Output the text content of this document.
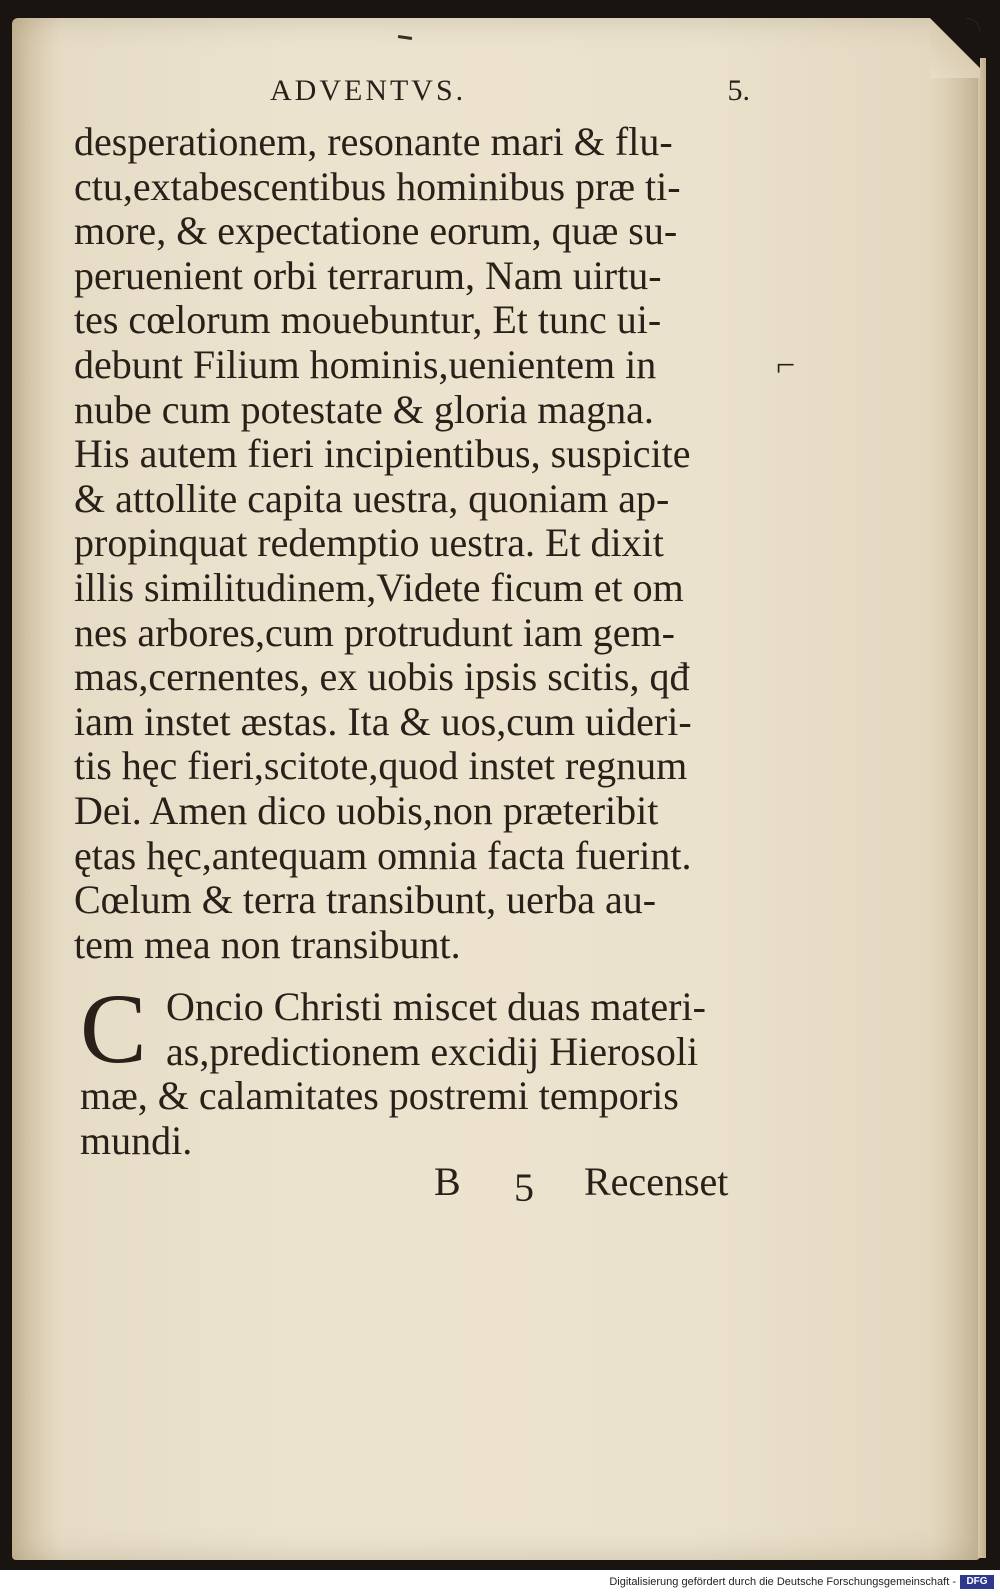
ADVENTVS.	5.
desperationem, resonante mari & flu-
ctu,extabescentibus hominibus præ ti-
more, & expectatione eorum, quæ su-
peruenient orbi terrarum, Nam uirtu-
tes cœlorum mouebuntur, Et tunc ui-
debunt Filium hominis,uenientem in
nube cum potestate & gloria magna.
His autem fieri incipientibus, suspicite
& attollite capita uestra, quoniam ap-
propinquat redemptio uestra. Et dixit
illis similitudinem,Videte ficum et om
nes arbores,cum protrudunt iam gem-
mas,cernentes, ex uobis ipsis scitis, qđ
iam instet æstas. Ita & uos,cum uideri-
tis hęc fieri,scitote,quod instet regnum
Dei. Amen dico uobis,non præteribit
ętas hęc,antequam omnia facta fuerint.
Cœlum & terra transibunt, uerba au-
tem mea non transibunt.
⌐
C Oncio Christi miscet duas materi-
as,predictionem excidij Hierosoli
mæ, & calamitates postremi temporis
mundi.
B 5 Recenset
Digitalisierung gefördert durch die Deutsche Forschungsgemeinschaft -	DFG
